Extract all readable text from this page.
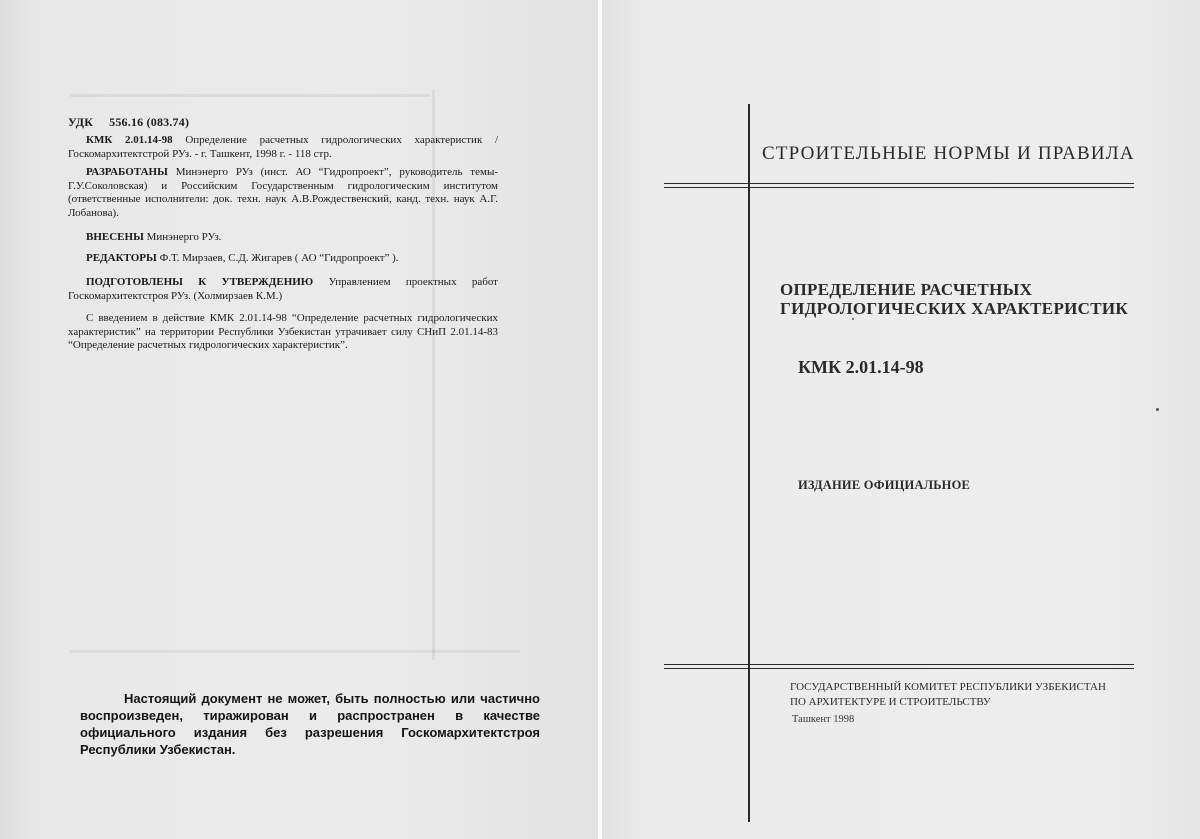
УДК 556.16 (083.74)
КМК 2.01.14-98 Определение расчетных гидрологических характеристик / Госкомархитектстрой РУз. - г. Ташкент, 1998 г. - 118 стр.
РАЗРАБОТАНЫ Минэнерго РУз (инст. АО “Гидропроект”, руководитель темы- Г.У.Соколовская) и Российским Государственным гидрологическим институтом (ответственные исполнители: док. техн. наук А.В.Рождественский, канд. техн. наук А.Г. Лобанова).
ВНЕСЕНЫ Минэнерго РУз.
РЕДАКТОРЫ Ф.Т. Мирзаев, С.Д. Жигарев ( АО “Гидропроект” ).
ПОДГОТОВЛЕНЫ К УТВЕРЖДЕНИЮ Управлением проектных работ Госкомархитектстроя РУз. (Холмирзаев К.М.)
С введением в действие КМК 2.01.14-98 “Определение расчетных гидрологических характеристик” на территории Республики Узбекистан утрачивает силу СНиП 2.01.14-83 “Определение расчетных гидрологических характеристик”.
Настоящий документ не может, быть полностью или частично воспроизведен, тиражирован и распространен в качестве официального издания без разрешения Госкомархитектстроя Республики Узбекистан.
СТРОИТЕЛЬНЫЕ НОРМЫ И ПРАВИЛА
ОПРЕДЕЛЕНИЕ РАСЧЕТНЫХ
ГИДРОЛОГИЧЕСКИХ ХАРАКТЕРИСТИК
КМК 2.01.14-98
ИЗДАНИЕ ОФИЦИАЛЬНОЕ
ГОСУДАРСТВЕННЫЙ КОМИТЕТ РЕСПУБЛИКИ УЗБЕКИСТАН
ПО АРХИТЕКТУРЕ И СТРОИТЕЛЬСТВУ
Ташкент 1998
